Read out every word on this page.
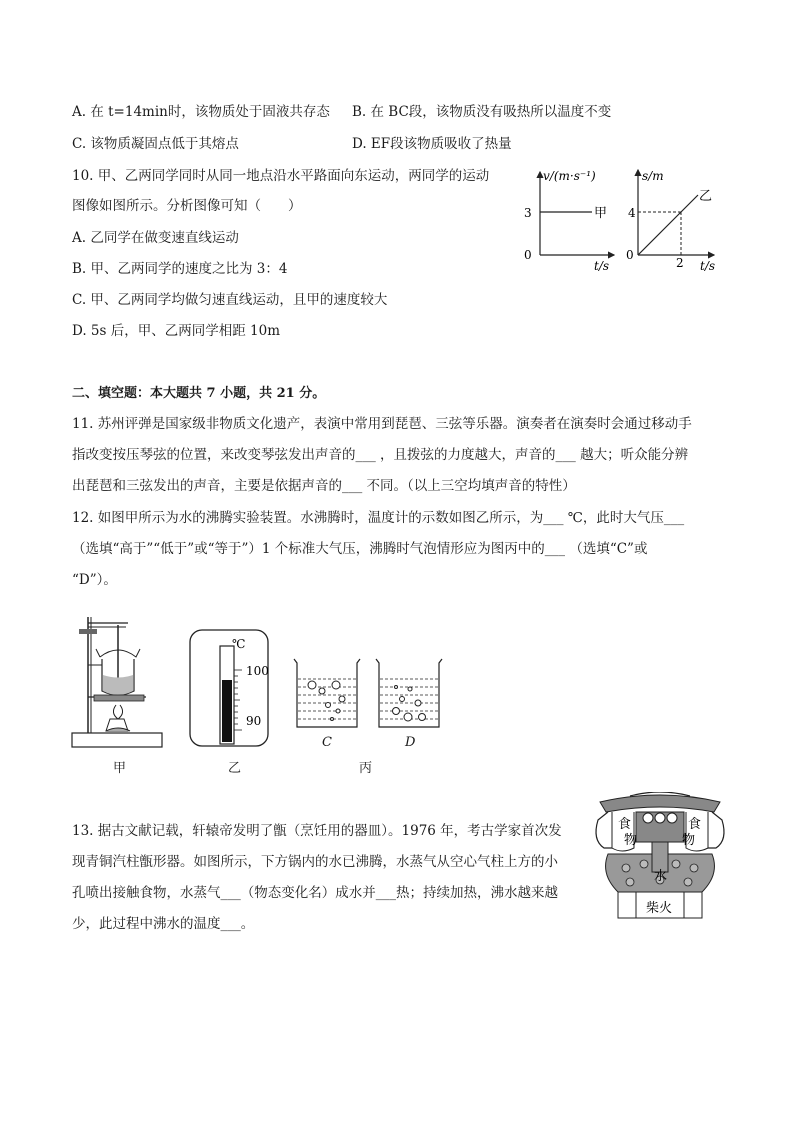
A. 在 t=14min时，该物质处于固液共存态 B. 在 BC段，该物质没有吸热所以温度不变
C. 该物质凝固点低于其熔点	D. EF段该物质吸收了热量
10. 甲、乙两同学同时从同一地点沿水平路面向东运动，两同学的运动
图像如图所示。分析图像可知（　　）
A. 乙同学在做变速直线运动
B. 甲、乙两同学的速度之比为 3：4
C. 甲、乙两同学均做匀速直线运动，且甲的速度较大
D. 5s 后，甲、乙两同学相距 10m
v/(m·s⁻¹)
t/s
0
3	甲
s/m
t/s
0
4
2
乙
二、填空题：本大题共 7 小题，共 21 分。
11. 苏州评弹是国家级非物质文化遗产，表演中常用到琵琶、三弦等乐器。演奏者在演奏时会通过移动手
指改变按压琴弦的位置，来改变琴弦发出声音的___ ，且拨弦的力度越大，声音的___ 越大；听众能分辨
出琵琶和三弦发出的声音，主要是依据声音的___ 不同。（以上三空均填声音的特性）
12. 如图甲所示为水的沸腾实验装置。水沸腾时，温度计的示数如图乙所示，为___ ℃，此时大气压___
（选填“高于”“低于”或“等于”）1 个标准大气压，沸腾时气泡情形应为图丙中的___ （选填“C”或
“D”）。
甲
℃
100
90
乙
C	D
丙
13. 据古文献记载，轩辕帝发明了甑（烹饪用的器皿）。1976 年，考古学家首次发
现青铜汽柱甑形器。如图所示，下方锅内的水已沸腾，水蒸气从空心气柱上方的小
孔喷出接触食物，水蒸气___（物态变化名）成水并___热；持续加热，沸水越来越
少，此过程中沸水的温度___。
食
物
食
物
水
柴火
